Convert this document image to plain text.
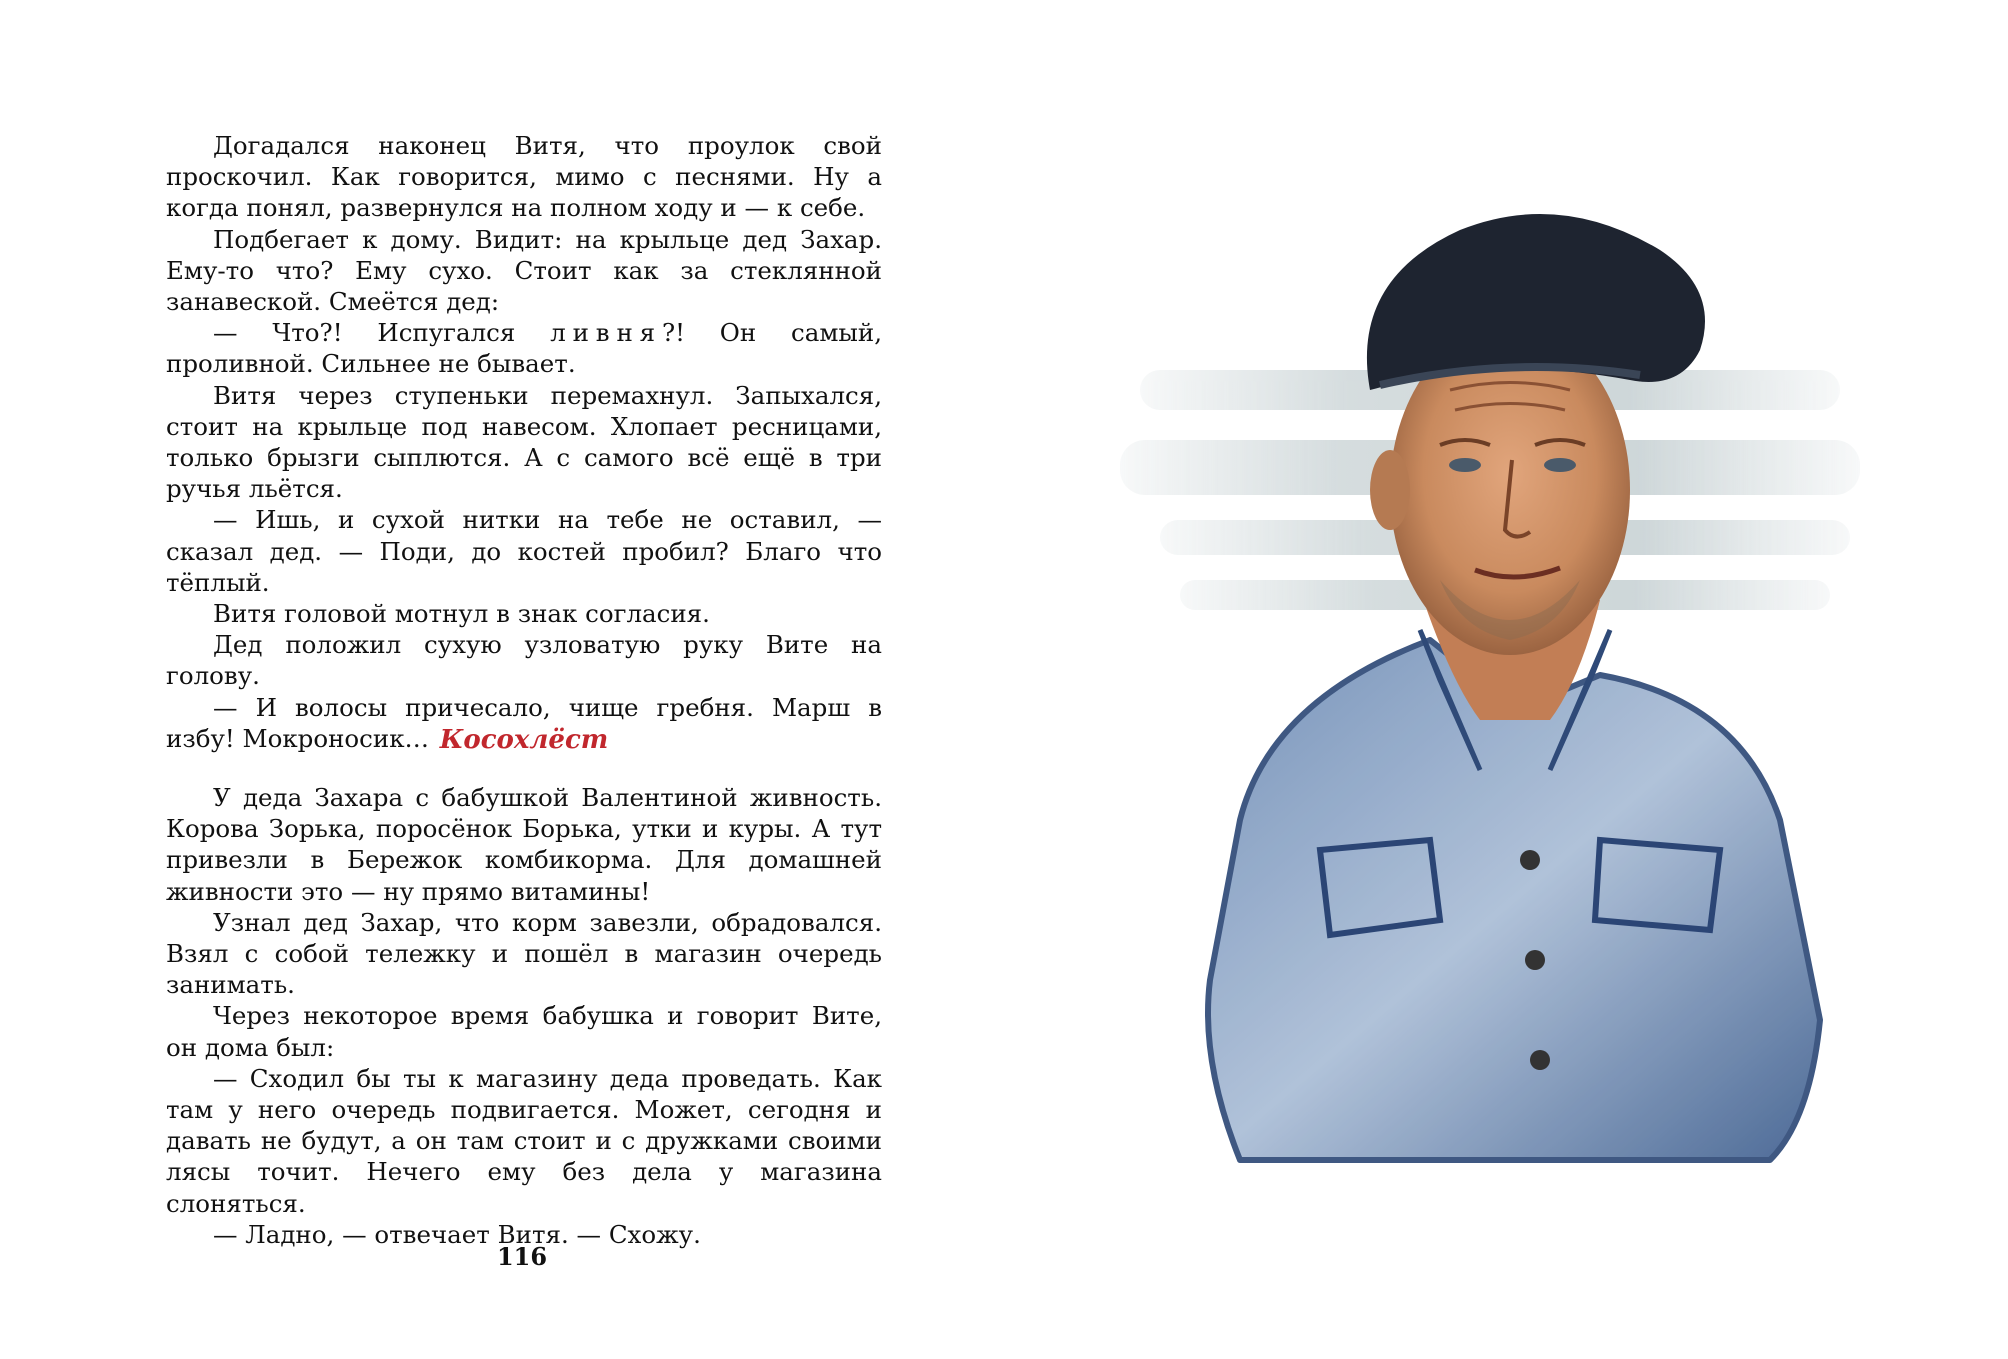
Догадался наконец Витя, что проулок свой проскочил. Как говорится, мимо с песнями. Ну а когда понял, развернулся на полном ходу и — к себе.

Подбегает к дому. Видит: на крыльце дед Захар. Ему-то что? Ему сухо. Стоит как за стеклянной занавеской. Смеётся дед:

— Что?! Испугался ливня?! Он самый, проливной. Сильнее не бывает.

Витя через ступеньки перемахнул. Запыхался, стоит на крыльце под навесом. Хлопает ресницами, только брызги сыплются. А с самого всё ещё в три ручья льётся.

— Ишь, и сухой нитки на тебе не оставил, — сказал дед. — Поди, до костей пробил? Благо что тёплый.

Витя головой мотнул в знак согласия.

Дед положил сухую узловатую руку Вите на голову.

— И волосы причесало, чище гребня. Марш в избу! Мокроносик… Косохлёст

У деда Захара с бабушкой Валентиной живность. Корова Зорька, поросёнок Борька, утки и куры. А тут привезли в Бережок комбикорма. Для домашней живности это — ну прямо витамины!

Узнал дед Захар, что корм завезли, обрадовался. Взял с собой тележку и пошёл в магазин очередь занимать.

Через некоторое время бабушка и говорит Вите, он дома был:

— Сходил бы ты к магазину деда проведать. Как там у него очередь подвигается. Может, сегодня и давать не будут, а он там стоит и с дружками своими лясы точит. Нечего ему без дела у магазина слоняться.

— Ладно, — отвечает Витя. — Схожу.

116
